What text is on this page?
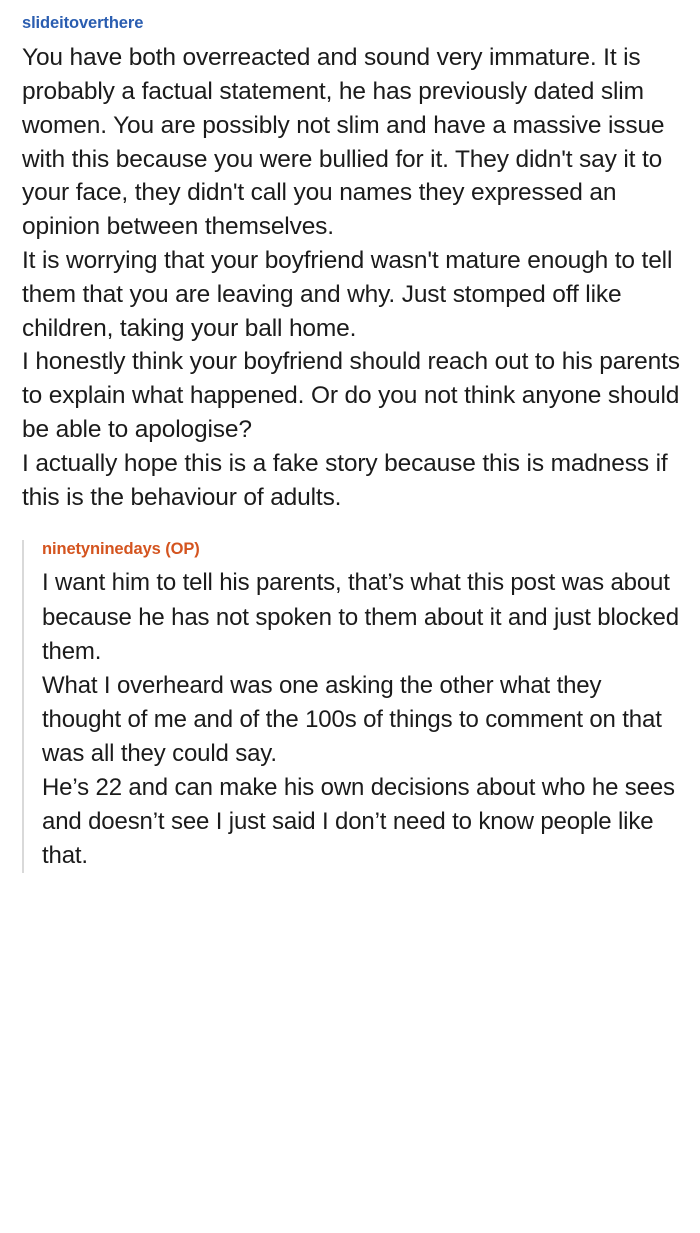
slideitoverthere

You have both overreacted and sound very immature. It is probably a factual statement, he has previously dated slim women. You are possibly not slim and have a massive issue with this because you were bullied for it. They didn't say it to your face, they didn't call you names they expressed an opinion between themselves.

It is worrying that your boyfriend wasn't mature enough to tell them that you are leaving and why. Just stomped off like children, taking your ball home.

I honestly think your boyfriend should reach out to his parents to explain what happened. Or do you not think anyone should be able to apologise?

I actually hope this is a fake story because this is madness if this is the behaviour of adults.

ninetyninedays (OP)

I want him to tell his parents, that’s what this post was about because he has not spoken to them about it and just blocked them.

What I overheard was one asking the other what they thought of me and of the 100s of things to comment on that was all they could say.

He’s 22 and can make his own decisions about who he sees and doesn’t see I just said I don’t need to know people like that.
